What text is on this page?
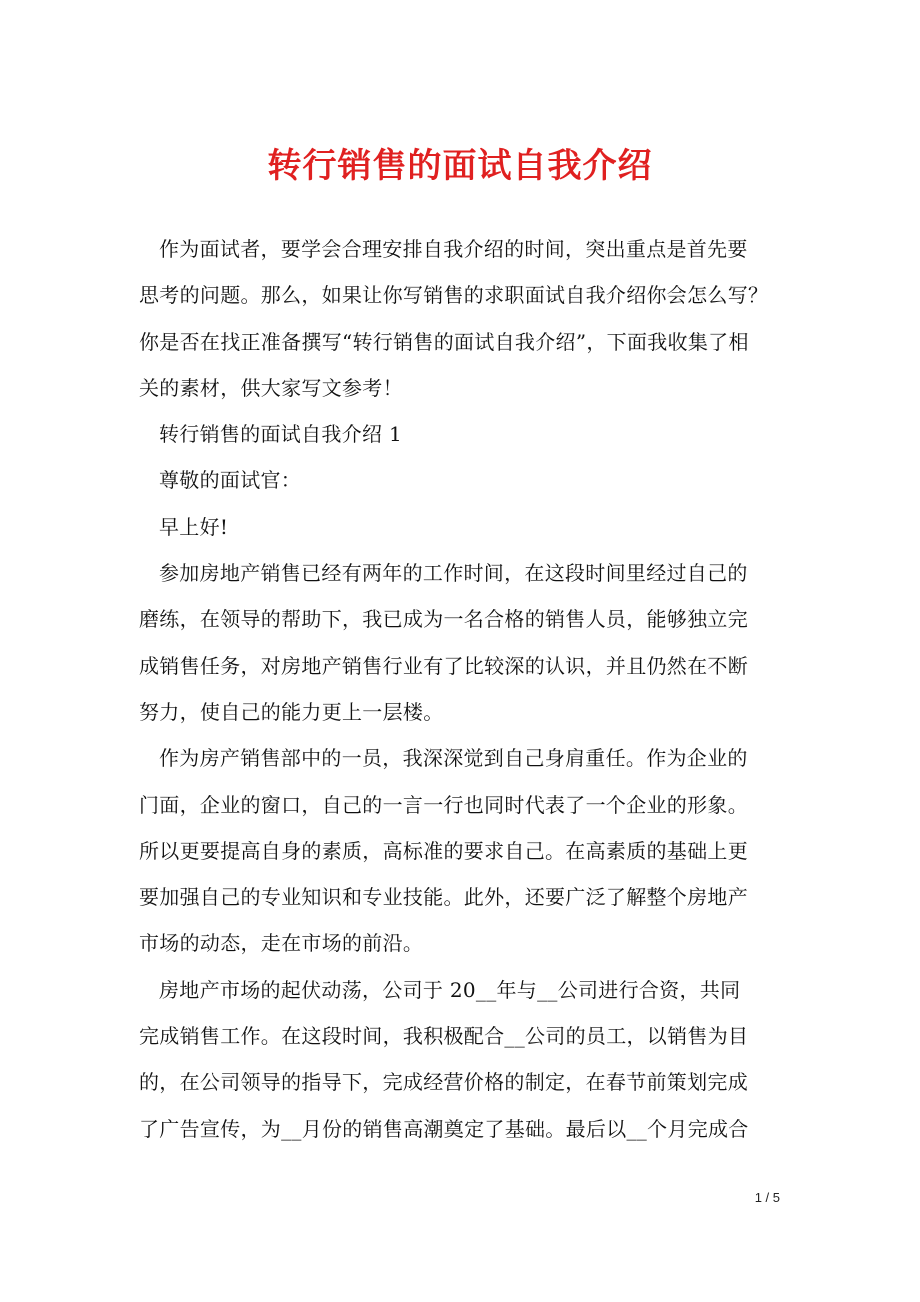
转行销售的面试自我介绍

作为面试者，要学会合理安排自我介绍的时间，突出重点是首先要
思考的问题。那么，如果让你写销售的求职面试自我介绍你会怎么写？
你是否在找正准备撰写“转行销售的面试自我介绍”，下面我收集了相
关的素材，供大家写文参考！

转行销售的面试自我介绍 1

尊敬的面试官：

早上好!

参加房地产销售已经有两年的工作时间，在这段时间里经过自己的
磨练，在领导的帮助下，我已成为一名合格的销售人员，能够独立完
成销售任务，对房地产销售行业有了比较深的认识，并且仍然在不断
努力，使自己的能力更上一层楼。

作为房产销售部中的一员，我深深觉到自己身肩重任。作为企业的
门面，企业的窗口，自己的一言一行也同时代表了一个企业的形象。
所以更要提高自身的素质，高标准的要求自己。在高素质的基础上更
要加强自己的专业知识和专业技能。此外，还要广泛了解整个房地产
市场的动态，走在市场的前沿。

房地产市场的起伏动荡，公司于 20__年与__公司进行合资，共同
完成销售工作。在这段时间，我积极配合__公司的员工，以销售为目
的，在公司领导的指导下，完成经营价格的制定，在春节前策划完成
了广告宣传，为__月份的销售高潮奠定了基础。最后以__个月完成合

1 / 5
